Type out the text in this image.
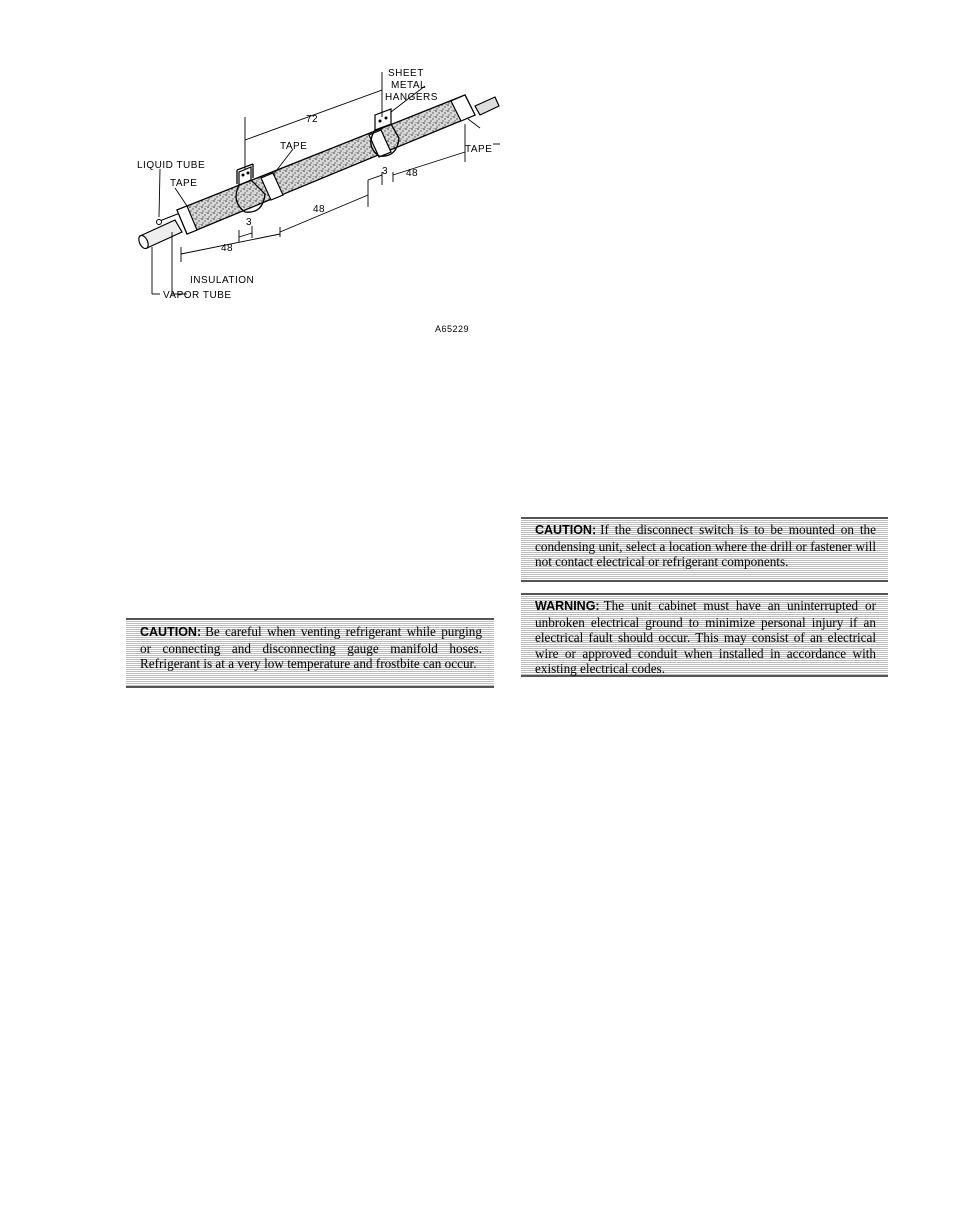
SHEET
METAL
HANGERS
72
TAPE	TAPE
LIQUID TUBE
TAPE
3
3 48
48
48
INSULATION
VAPOR TUBE
A65229
CAUTION: Be careful when venting refrigerant while purging or connecting and disconnecting gauge manifold hoses. Refrigerant is at a very low temperature and frostbite can occur.
CAUTION: If the disconnect switch is to be mounted on the condensing unit, select a location where the drill or fastener will not contact electrical or refrigerant components.
WARNING: The unit cabinet must have an uninterrupted or unbroken electrical ground to minimize personal injury if an electrical fault should occur. This may consist of an electrical wire or approved conduit when installed in accordance with existing electrical codes.
